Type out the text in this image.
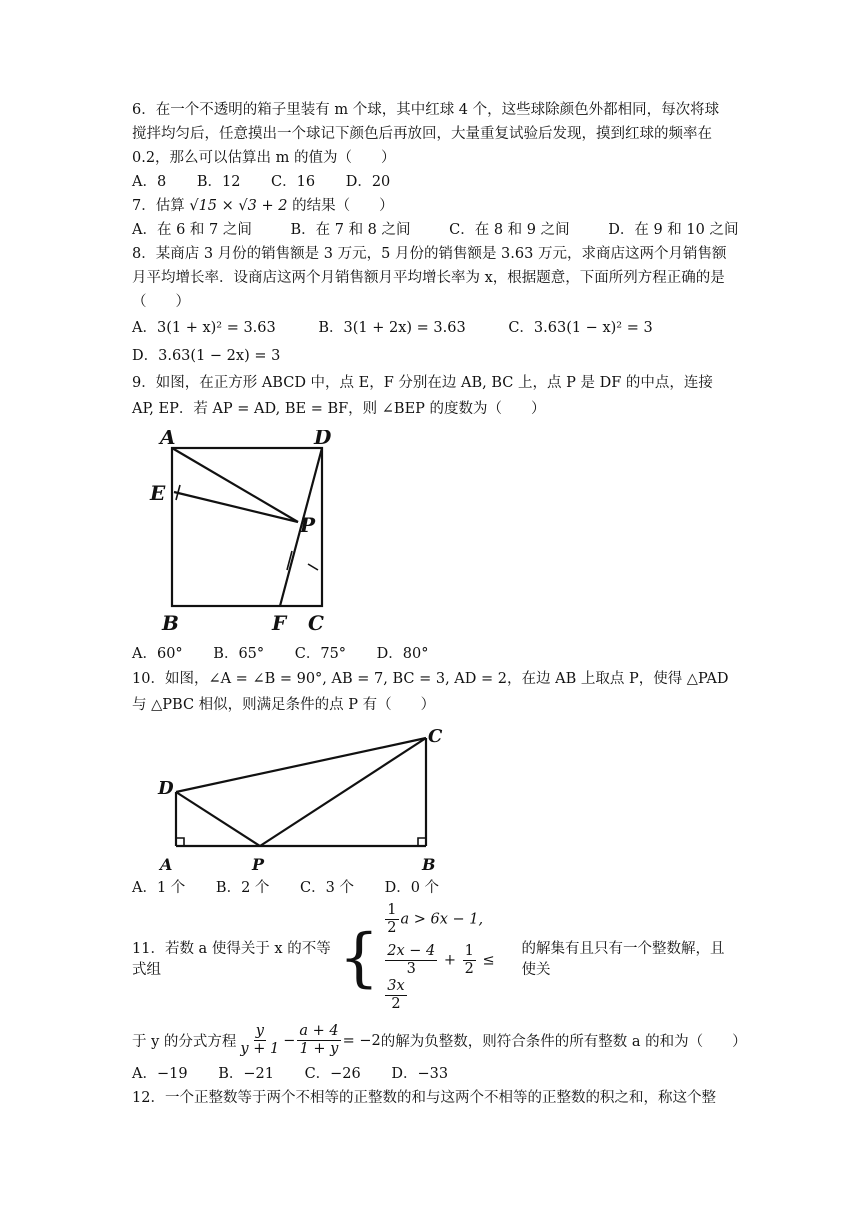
6．在一个不透明的箱子里装有 m 个球，其中红球 4 个，这些球除颜色外都相同，每次将球搅拌均匀后，任意摸出一个球记下颜色后再放回，大量重复试验后发现，摸到红球的频率在 0.2，那么可以估算出 m 的值为（　　）
A．8 B．12 C．16 D．20
7．估算 √15 × √3 + 2 的结果（　　）
A．在 6 和 7 之间	B．在 7 和 8 之间	C．在 8 和 9 之间	D．在 9 和 10 之间
8．某商店 3 月份的销售额是 3 万元，5 月份的销售额是 3.63 万元，求商店这两个月销售额月平均增长率．设商店这两个月销售额月平均增长率为 x，根据题意，下面所列方程正确的是（　　）
A．3(1 + x)² = 3.63	B．3(1 + 2x) = 3.63	C．3.63(1 − x)² = 3
D．3.63(1 − 2x) = 3
9．如图，在正方形 ABCD 中，点 E，F 分别在边 AB, BC 上，点 P 是 DF 的中点，连接 AP, EP．若 AP = AD, BE = BF，则 ∠BEP 的度数为（　　）
A	D
E
P
B	F C
A．60° B．65° C．75° D．80°
10．如图，∠A = ∠B = 90°, AB = 7, BC = 3, AD = 2，在边 AB 上取点 P，使得 △PAD 与 △PBC 相似，则满足条件的点 P 有（　　）
D
C
A	P	B
A．1 个 B．2 个 C．3 个 D．0 个
11．若数 a 使得关于 x 的不等式组	{
$\frac{1}{2}$ a > 6x − 1,
$\frac{2x - 4}{3} + \frac{1}{2}$ ≤
$\frac{3x}{2}$
的解集有且只有一个整数解，且使关
于 y 的分式方程 $\frac{y}{y + 1} - \frac{a + 4}{1 + y} = -2$ 的解为负整数，则符合条件的所有整数 a 的和为（　　）
A．−19 B．−21 C．−26 D．−33
12．一个正整数等于两个不相等的正整数的和与这两个不相等的正整数的积之和，称这个整
